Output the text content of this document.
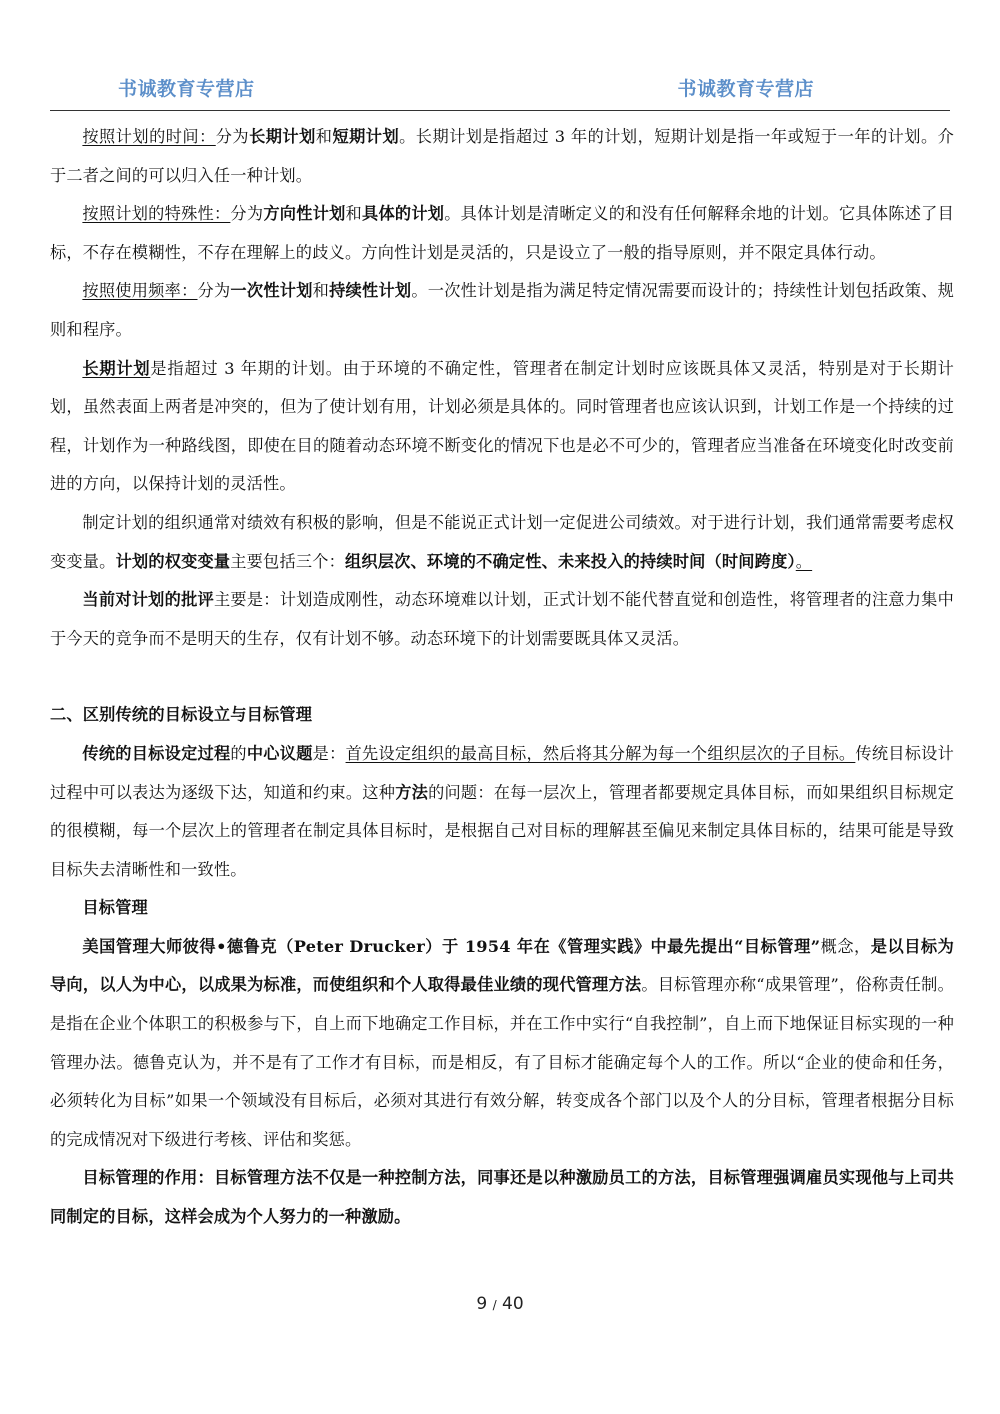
书诚教育专营店	书诚教育专营店

按照计划的时间：分为长期计划和短期计划。长期计划是指超过 3 年的计划，短期计划是指一年或短于一年的计划。介于二者之间的可以归入任一种计划。

按照计划的特殊性：分为方向性计划和具体的计划。具体计划是清晰定义的和没有任何解释余地的计划。它具体陈述了目标，不存在模糊性，不存在理解上的歧义。方向性计划是灵活的，只是设立了一般的指导原则，并不限定具体行动。

按照使用频率：分为一次性计划和持续性计划。一次性计划是指为满足特定情况需要而设计的；持续性计划包括政策、规则和程序。

长期计划是指超过 3 年期的计划。由于环境的不确定性，管理者在制定计划时应该既具体又灵活，特别是对于长期计划，虽然表面上两者是冲突的，但为了使计划有用，计划必须是具体的。同时管理者也应该认识到，计划工作是一个持续的过程，计划作为一种路线图，即使在目的随着动态环境不断变化的情况下也是必不可少的，管理者应当准备在环境变化时改变前进的方向，以保持计划的灵活性。

制定计划的组织通常对绩效有积极的影响，但是不能说正式计划一定促进公司绩效。对于进行计划，我们通常需要考虑权变变量。计划的权变变量主要包括三个：组织层次、环境的不确定性、未来投入的持续时间（时间跨度）。

当前对计划的批评主要是：计划造成刚性，动态环境难以计划，正式计划不能代替直觉和创造性，将管理者的注意力集中于今天的竞争而不是明天的生存，仅有计划不够。动态环境下的计划需要既具体又灵活。

二、区别传统的目标设立与目标管理

传统的目标设定过程的中心议题是：首先设定组织的最高目标，然后将其分解为每一个组织层次的子目标。传统目标设计过程中可以表达为逐级下达，知道和约束。这种方法的问题：在每一层次上，管理者都要规定具体目标，而如果组织目标规定的很模糊，每一个层次上的管理者在制定具体目标时，是根据自己对目标的理解甚至偏见来制定具体目标的，结果可能是导致目标失去清晰性和一致性。

目标管理

美国管理大师彼得•德鲁克（Peter Drucker）于 1954 年在《管理实践》中最先提出“目标管理”概念，是以目标为导向，以人为中心，以成果为标准，而使组织和个人取得最佳业绩的现代管理方法。目标管理亦称“成果管理”，俗称责任制。是指在企业个体职工的积极参与下，自上而下地确定工作目标，并在工作中实行“自我控制”，自上而下地保证目标实现的一种管理办法。德鲁克认为，并不是有了工作才有目标，而是相反，有了目标才能确定每个人的工作。所以“企业的使命和任务，必须转化为目标”如果一个领域没有目标后，必须对其进行有效分解，转变成各个部门以及个人的分目标，管理者根据分目标的完成情况对下级进行考核、评估和奖惩。

目标管理的作用：目标管理方法不仅是一种控制方法，同事还是以种激励员工的方法，目标管理强调雇员实现他与上司共同制定的目标，这样会成为个人努力的一种激励。

9 / 40
